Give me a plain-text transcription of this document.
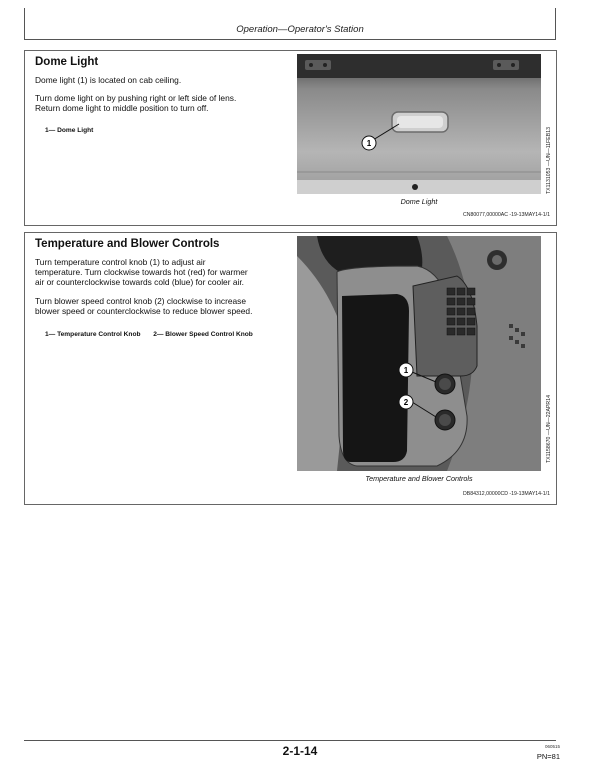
Operation—Operator's Station
Dome Light
Dome light (1) is located on cab ceiling.
Turn dome light on by pushing right or left side of lens.
Return dome light to middle position to turn off.
1— Dome Light
1	TX1131053 —UN—11FEB13
Dome Light
CN80077,00000AC -19-13MAY14-1/1
Temperature and Blower Controls
Turn temperature control knob (1) to adjust air
temperature. Turn clockwise towards hot (red) for warmer
air or counterclockwise towards cold (blue) for cooler air.
Turn blower speed control knob (2) clockwise to increase
blower speed or counterclockwise to reduce blower speed.
1— Temperature Control Knob 2— Blower Speed Control Knob
1
2	TX1158670 —UN—22APR14
Temperature and Blower Controls
DB84312,00000CD -19-13MAY14-1/1
2-1-14	060515
PN=81
